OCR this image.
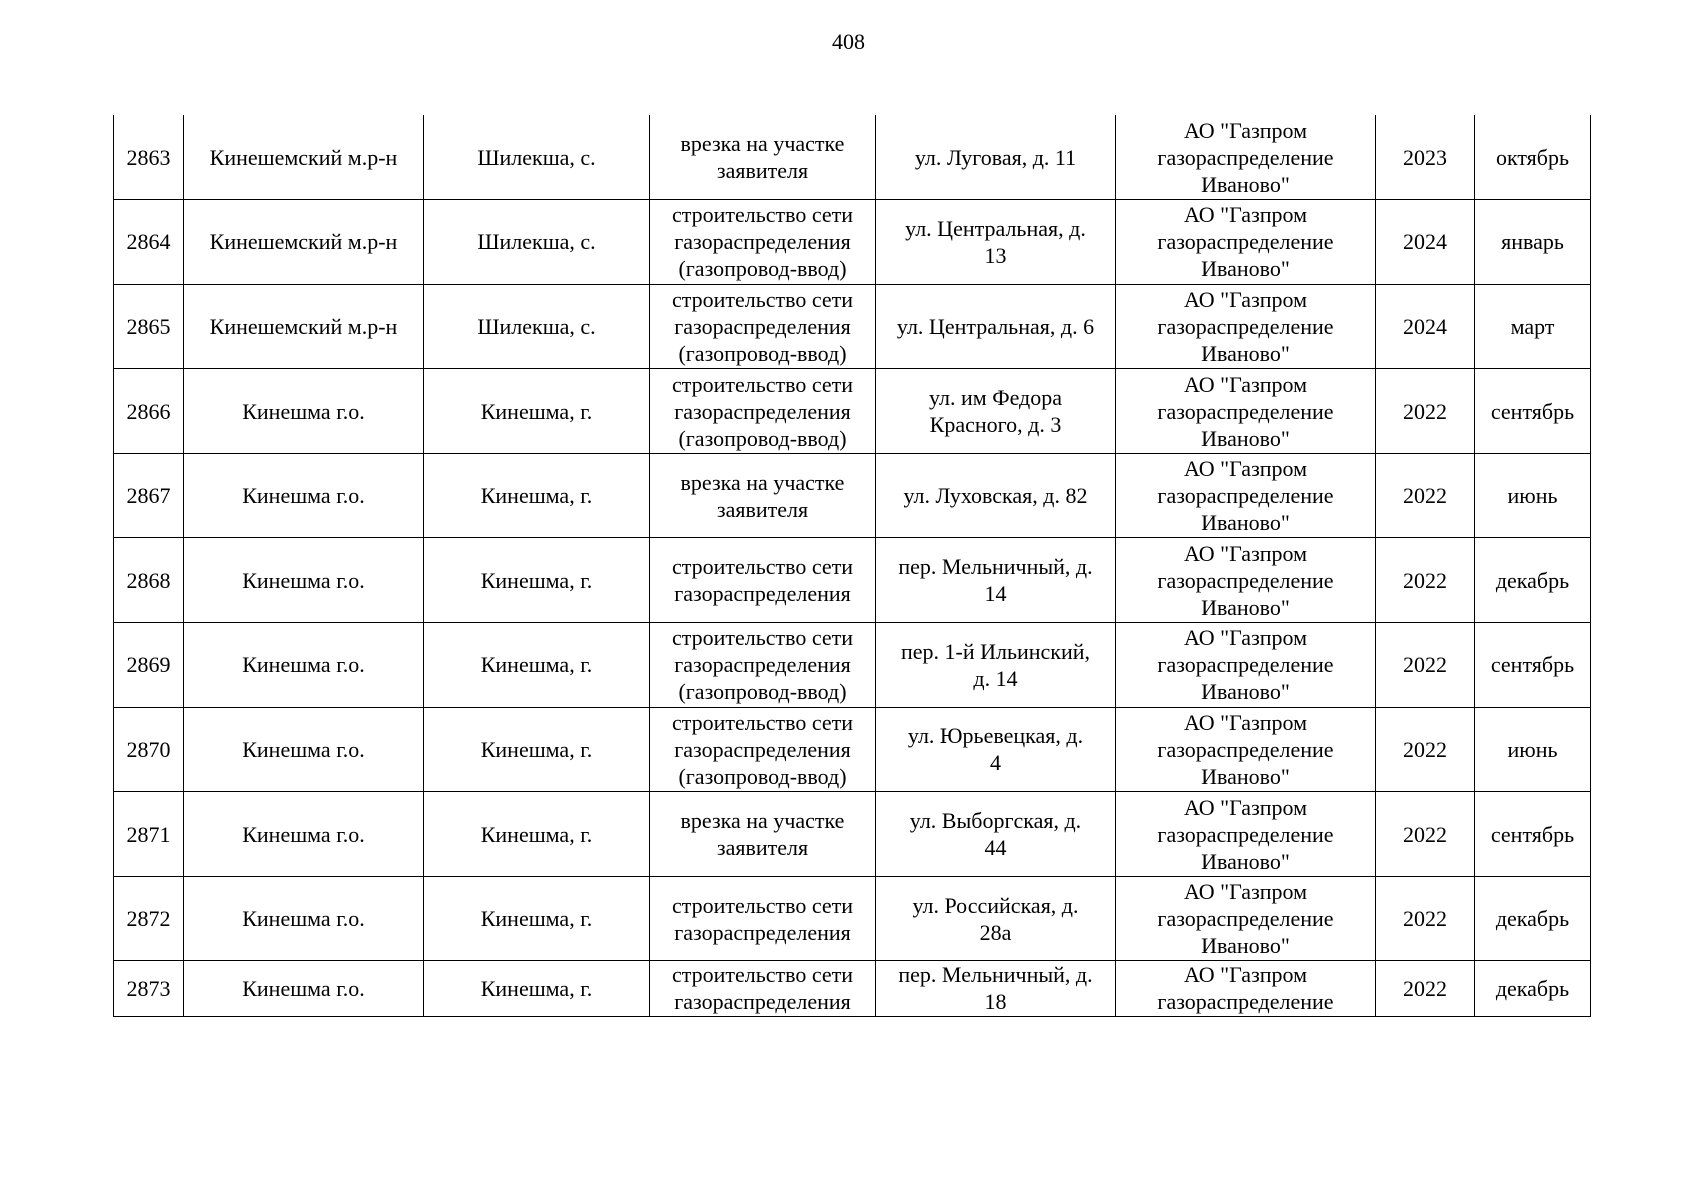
408
2863	Кинешемский м.р-н	Шилекша, с.	врезка на участке
заявителя	ул. Луговая, д. 11	АО "Газпром
газораспределение
Иваново"	2023	октябрь
2864	Кинешемский м.р-н	Шилекша, с.	строительство сети
газораспределения
(газопровод-ввод)	ул. Центральная, д.
13	АО "Газпром
газораспределение
Иваново"	2024	январь
2865	Кинешемский м.р-н	Шилекша, с.	строительство сети
газораспределения
(газопровод-ввод)	ул. Центральная, д. 6	АО "Газпром
газораспределение
Иваново"	2024	март
2866	Кинешма г.о.	Кинешма, г.	строительство сети
газораспределения
(газопровод-ввод)	ул. им Федора
Красного, д. 3	АО "Газпром
газораспределение
Иваново"	2022	сентябрь
2867	Кинешма г.о.	Кинешма, г.	врезка на участке
заявителя	ул. Луховская, д. 82	АО "Газпром
газораспределение
Иваново"	2022	июнь
2868	Кинешма г.о.	Кинешма, г.	строительство сети
газораспределения	пер. Мельничный, д.
14	АО "Газпром
газораспределение
Иваново"	2022	декабрь
2869	Кинешма г.о.	Кинешма, г.	строительство сети
газораспределения
(газопровод-ввод)	пер. 1-й Ильинский,
д. 14	АО "Газпром
газораспределение
Иваново"	2022	сентябрь
2870	Кинешма г.о.	Кинешма, г.	строительство сети
газораспределения
(газопровод-ввод)	ул. Юрьевецкая, д.
4	АО "Газпром
газораспределение
Иваново"	2022	июнь
2871	Кинешма г.о.	Кинешма, г.	врезка на участке
заявителя	ул. Выборгская, д.
44	АО "Газпром
газораспределение
Иваново"	2022	сентябрь
2872	Кинешма г.о.	Кинешма, г.	строительство сети
газораспределения	ул. Российская, д.
28а	АО "Газпром
газораспределение
Иваново"	2022	декабрь
2873	Кинешма г.о.	Кинешма, г.	строительство сети
газораспределения	пер. Мельничный, д.
18	АО "Газпром
газораспределение	2022	декабрь
